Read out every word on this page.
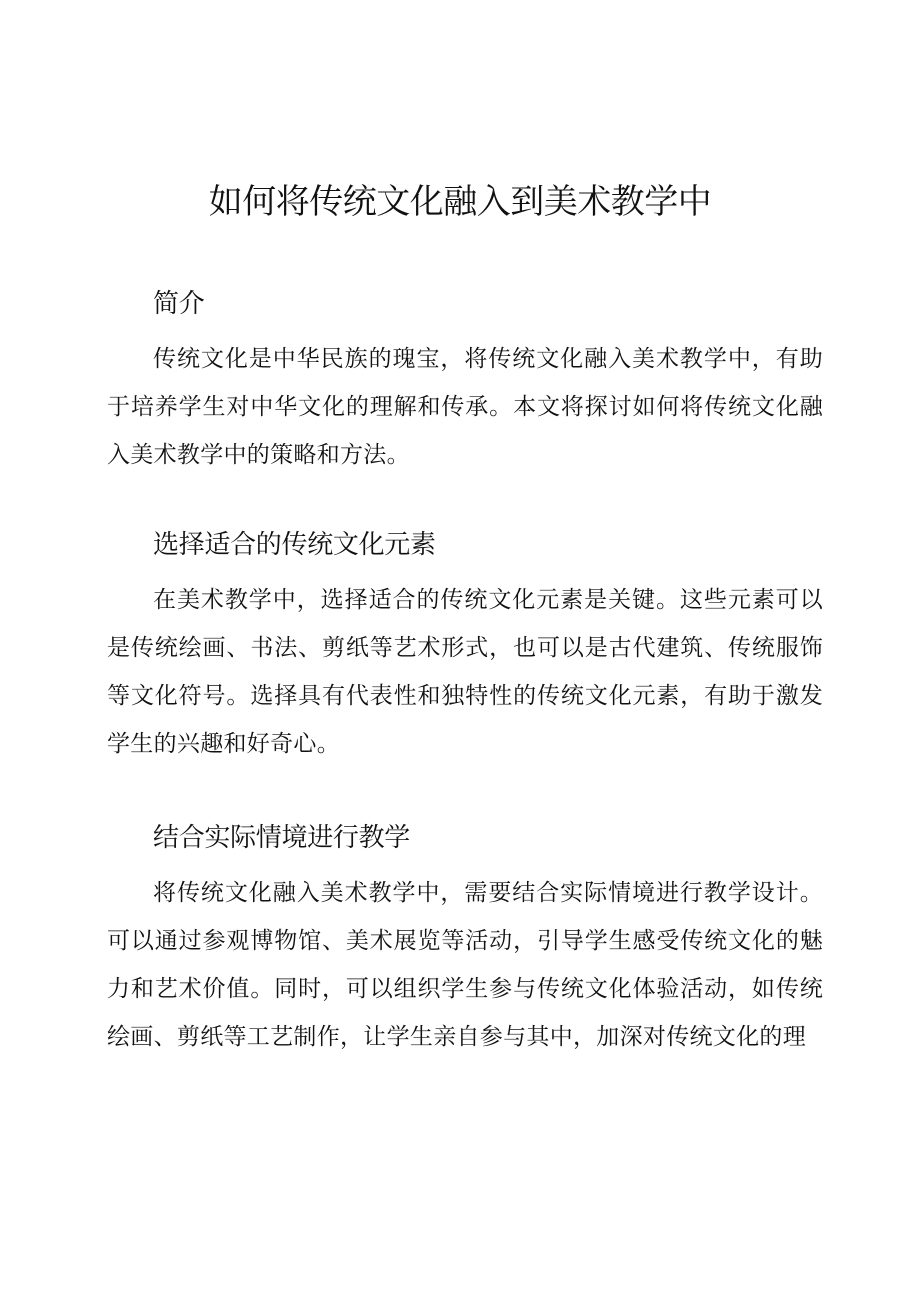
如何将传统文化融入到美术教学中
简介

传统文化是中华民族的瑰宝，将传统文化融入美术教学中，有助于培养学生对中华文化的理解和传承。本文将探讨如何将传统文化融入美术教学中的策略和方法。

选择适合的传统文化元素

在美术教学中，选择适合的传统文化元素是关键。这些元素可以是传统绘画、书法、剪纸等艺术形式，也可以是古代建筑、传统服饰等文化符号。选择具有代表性和独特性的传统文化元素，有助于激发学生的兴趣和好奇心。

结合实际情境进行教学

将传统文化融入美术教学中，需要结合实际情境进行教学设计。可以通过参观博物馆、美术展览等活动，引导学生感受传统文化的魅力和艺术价值。同时，可以组织学生参与传统文化体验活动，如传统绘画、剪纸等工艺制作，让学生亲自参与其中，加深对传统文化的理
